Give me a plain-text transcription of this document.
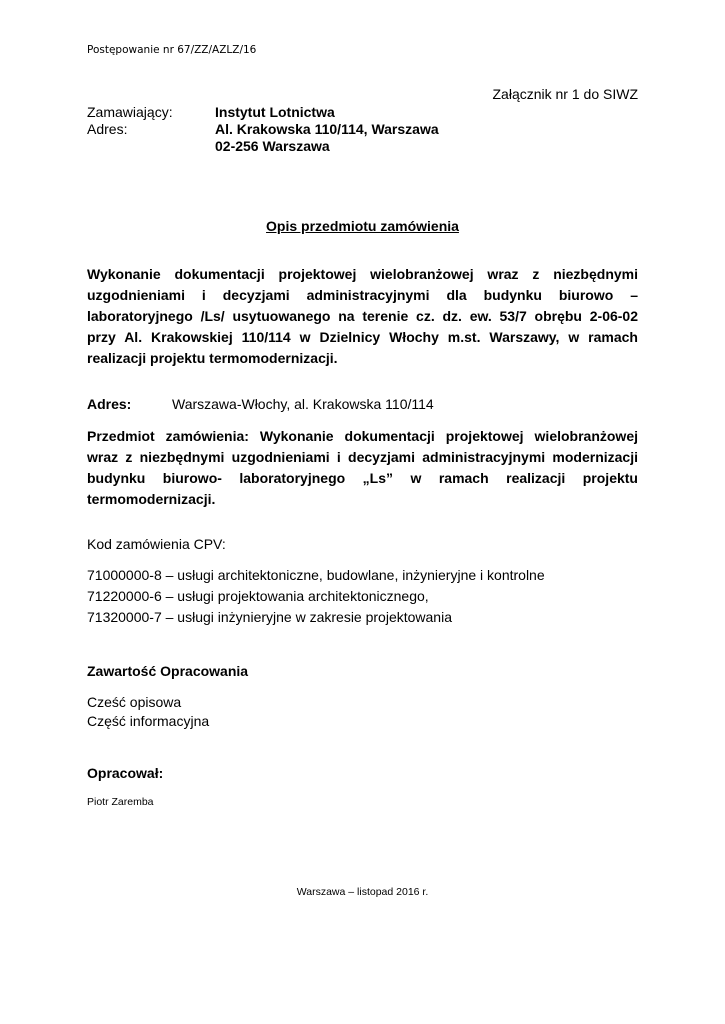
Postępowanie nr 67/ZZ/AZLZ/16
Załącznik nr 1 do SIWZ
Zamawiający:	Instytut Lotnictwa
Adres:	Al. Krakowska 110/114, Warszawa
02-256 Warszawa
Opis przedmiotu zamówienia
Wykonanie dokumentacji projektowej wielobranżowej wraz z niezbędnymi
uzgodnieniami i decyzjami administracyjnymi dla budynku biurowo –
laboratoryjnego /Ls/ usytuowanego na terenie cz. dz. ew. 53/7 obrębu 2-06-02
przy Al. Krakowskiej 110/114 w Dzielnicy Włochy m.st. Warszawy, w ramach
realizacji projektu termomodernizacji.
Adres:	Warszawa-Włochy, al. Krakowska 110/114
Przedmiot zamówienia: Wykonanie dokumentacji projektowej wielobranżowej
wraz z niezbędnymi uzgodnieniami i decyzjami administracyjnymi modernizacji
budynku biurowo- laboratoryjnego „Ls” w ramach realizacji projektu
termomodernizacji.
Kod zamówienia CPV:
71000000-8 – usługi architektoniczne, budowlane, inżynieryjne i kontrolne
71220000-6 – usługi projektowania architektonicznego,
71320000-7 – usługi inżynieryjne w zakresie projektowania
Zawartość Opracowania
Cześć opisowa
Część informacyjna
Opracował:
Piotr Zaremba
Warszawa – listopad 2016 r.
